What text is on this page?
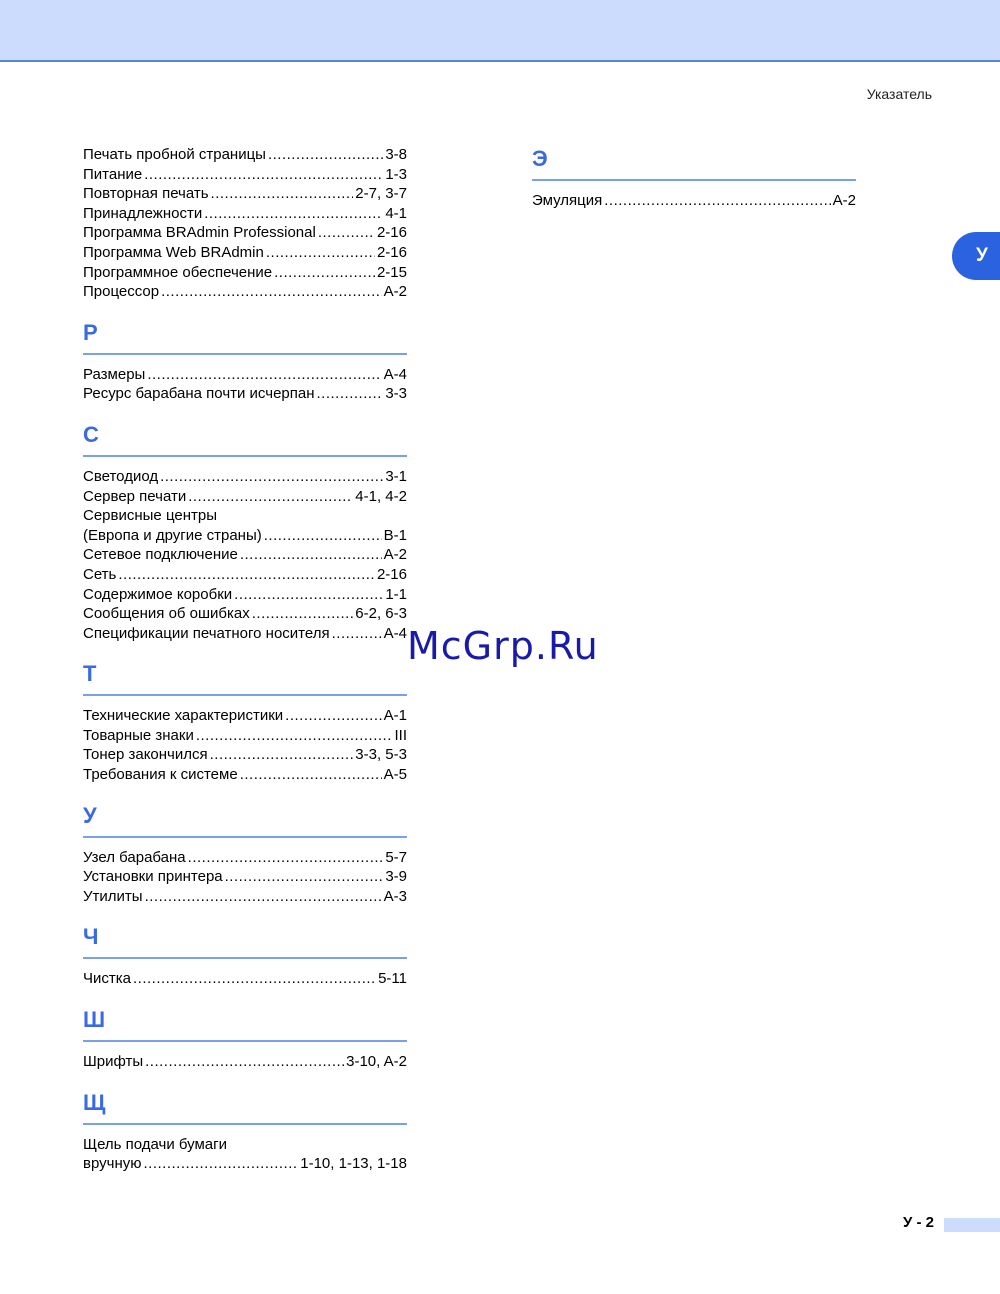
Указатель
У
Печать пробной страницы .....	3-8
Питание .....	1-3
Повторная печать .....	2-7, 3-7
Принадлежности .....	4-1
Программа BRAdmin Professional .....	2-16
Программа Web BRAdmin .....	2-16
Программное обеспечение .....	2-15
Процессор .....	A-2
Р
Размеры .....	A-4
Ресурс барабана почти исчерпан .....	3-3
С
Светодиод .....	3-1
Сервер печати .....	4-1, 4-2
Сервисные центры
(Европа и другие страны) .....	B-1
Сетевое подключение .....	A-2
Сеть .....	2-16
Содержимое коробки .....	1-1
Сообщения об ошибках .....	6-2, 6-3
Спецификации печатного носителя .....	A-4
Т
Технические характеристики .....	A-1
Товарные знаки .....	III
Тонер закончился .....	3-3, 5-3
Требования к системе .....	A-5
У
Узел барабана .....	5-7
Установки принтера .....	3-9
Утилиты .....	A-3
Ч
Чистка .....	5-11
Ш
Шрифты .....	3-10, A-2
Щ
Щель подачи бумаги
вручную .....	1-10, 1-13, 1-18
Э
Эмуляция .....	A-2
McGrp.Ru
У - 2
